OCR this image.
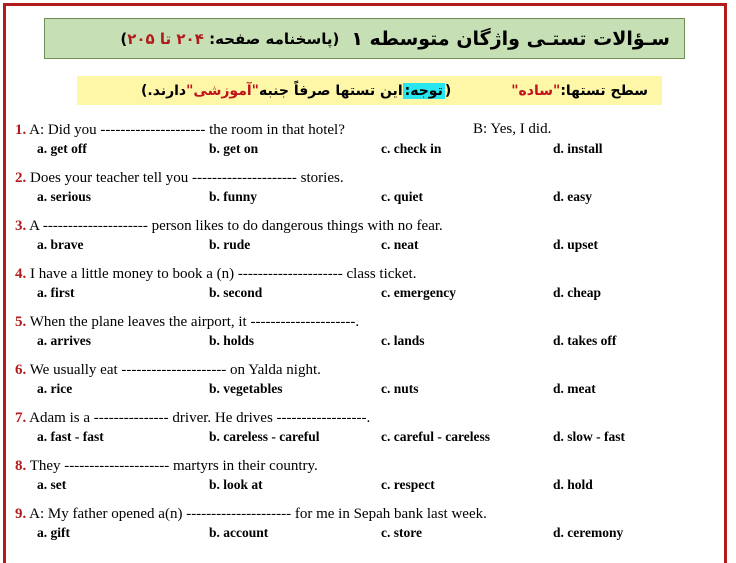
سـؤالات تستـی واژگان متوسطه ۱
(پاسخنامه صفحه: ۲۰۴ تا ۲۰۵)
سطح تستها:
"ساده"
(
توجه:
این تستها صرفاً جنبه
"آموزشی"
دارند.)
1. A: Did you --------------------- the room in that hotel?	B: Yes, I did.
a. get off	b. get on	c. check in	d. install
2. Does your teacher tell you --------------------- stories.
a. serious	b. funny	c. quiet	d. easy
3. A --------------------- person likes to do dangerous things with no fear.
a. brave	b. rude	c. neat	d. upset
4. I have a little money to book a (n) --------------------- class ticket.
a. first	b. second	c. emergency	d. cheap
5. When the plane leaves the airport, it ---------------------.
a. arrives	b. holds	c. lands	d. takes off
6. We usually eat --------------------- on Yalda night.
a. rice	b. vegetables	c. nuts	d. meat
7. Adam is a --------------- driver. He drives ------------------.
a. fast - fast	b. careless - careful	c. careful - careless	d. slow - fast
8. They --------------------- martyrs in their country.
a. set	b. look at	c. respect	d. hold
9. A: My father opened a(n) --------------------- for me in Sepah bank last week.
a. gift	b. account	c. store	d. ceremony
